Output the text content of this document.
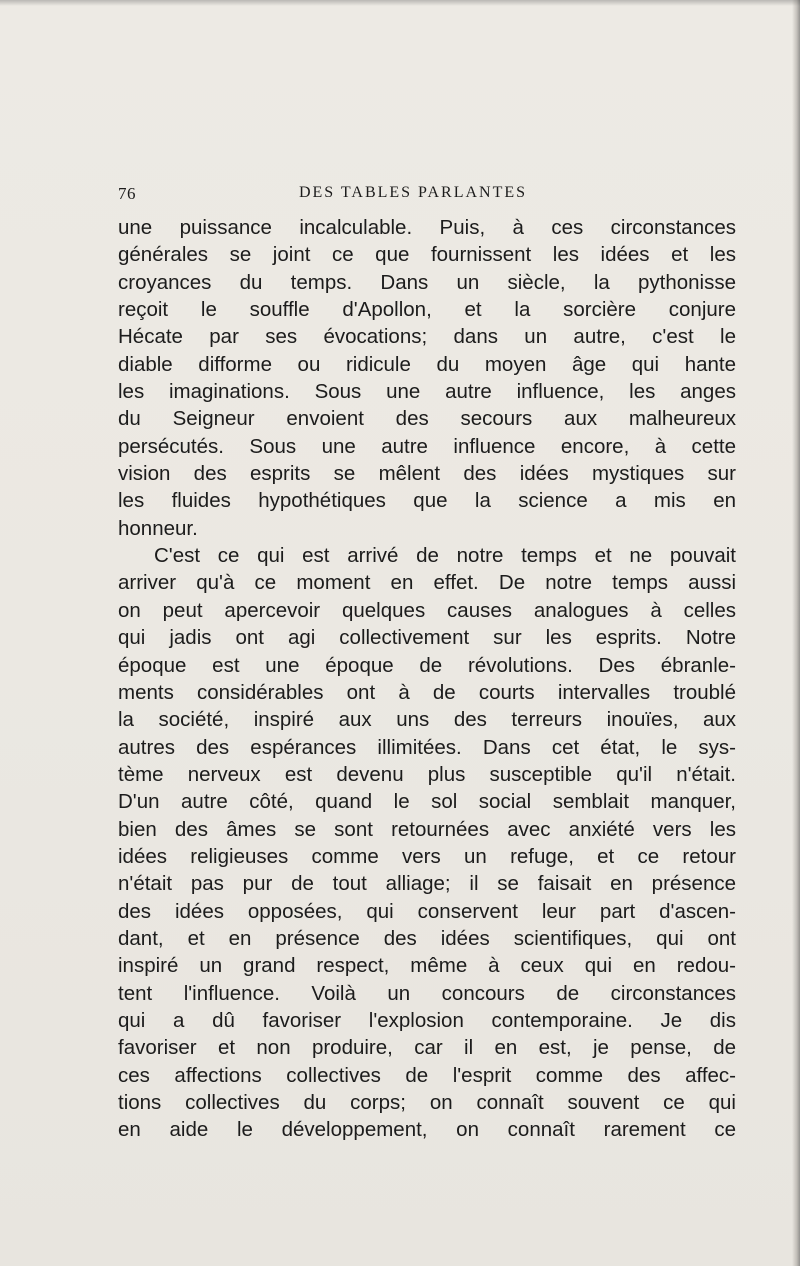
76	DES TABLES PARLANTES
une puissance incalculable. Puis, à ces circonstances
générales se joint ce que fournissent les idées et les
croyances du temps. Dans un siècle, la pythonisse
reçoit le souffle d'Apollon, et la sorcière conjure
Hécate par ses évocations; dans un autre, c'est le
diable difforme ou ridicule du moyen âge qui hante
les imaginations. Sous une autre influence, les anges
du Seigneur envoient des secours aux malheureux
persécutés. Sous une autre influence encore, à cette
vision des esprits se mêlent des idées mystiques sur
les fluides hypothétiques que la science a mis en
honneur.
C'est ce qui est arrivé de notre temps et ne pouvait
arriver qu'à ce moment en effet. De notre temps aussi
on peut apercevoir quelques causes analogues à celles
qui jadis ont agi collectivement sur les esprits. Notre
époque est une époque de révolutions. Des ébranle-
ments considérables ont à de courts intervalles troublé
la société, inspiré aux uns des terreurs inouïes, aux
autres des espérances illimitées. Dans cet état, le sys-
tème nerveux est devenu plus susceptible qu'il n'était.
D'un autre côté, quand le sol social semblait manquer,
bien des âmes se sont retournées avec anxiété vers les
idées religieuses comme vers un refuge, et ce retour
n'était pas pur de tout alliage; il se faisait en présence
des idées opposées, qui conservent leur part d'ascen-
dant, et en présence des idées scientifiques, qui ont
inspiré un grand respect, même à ceux qui en redou-
tent l'influence. Voilà un concours de circonstances
qui a dû favoriser l'explosion contemporaine. Je dis
favoriser et non produire, car il en est, je pense, de
ces affections collectives de l'esprit comme des affec-
tions collectives du corps; on connaît souvent ce qui
en aide le développement, on connaît rarement ce
